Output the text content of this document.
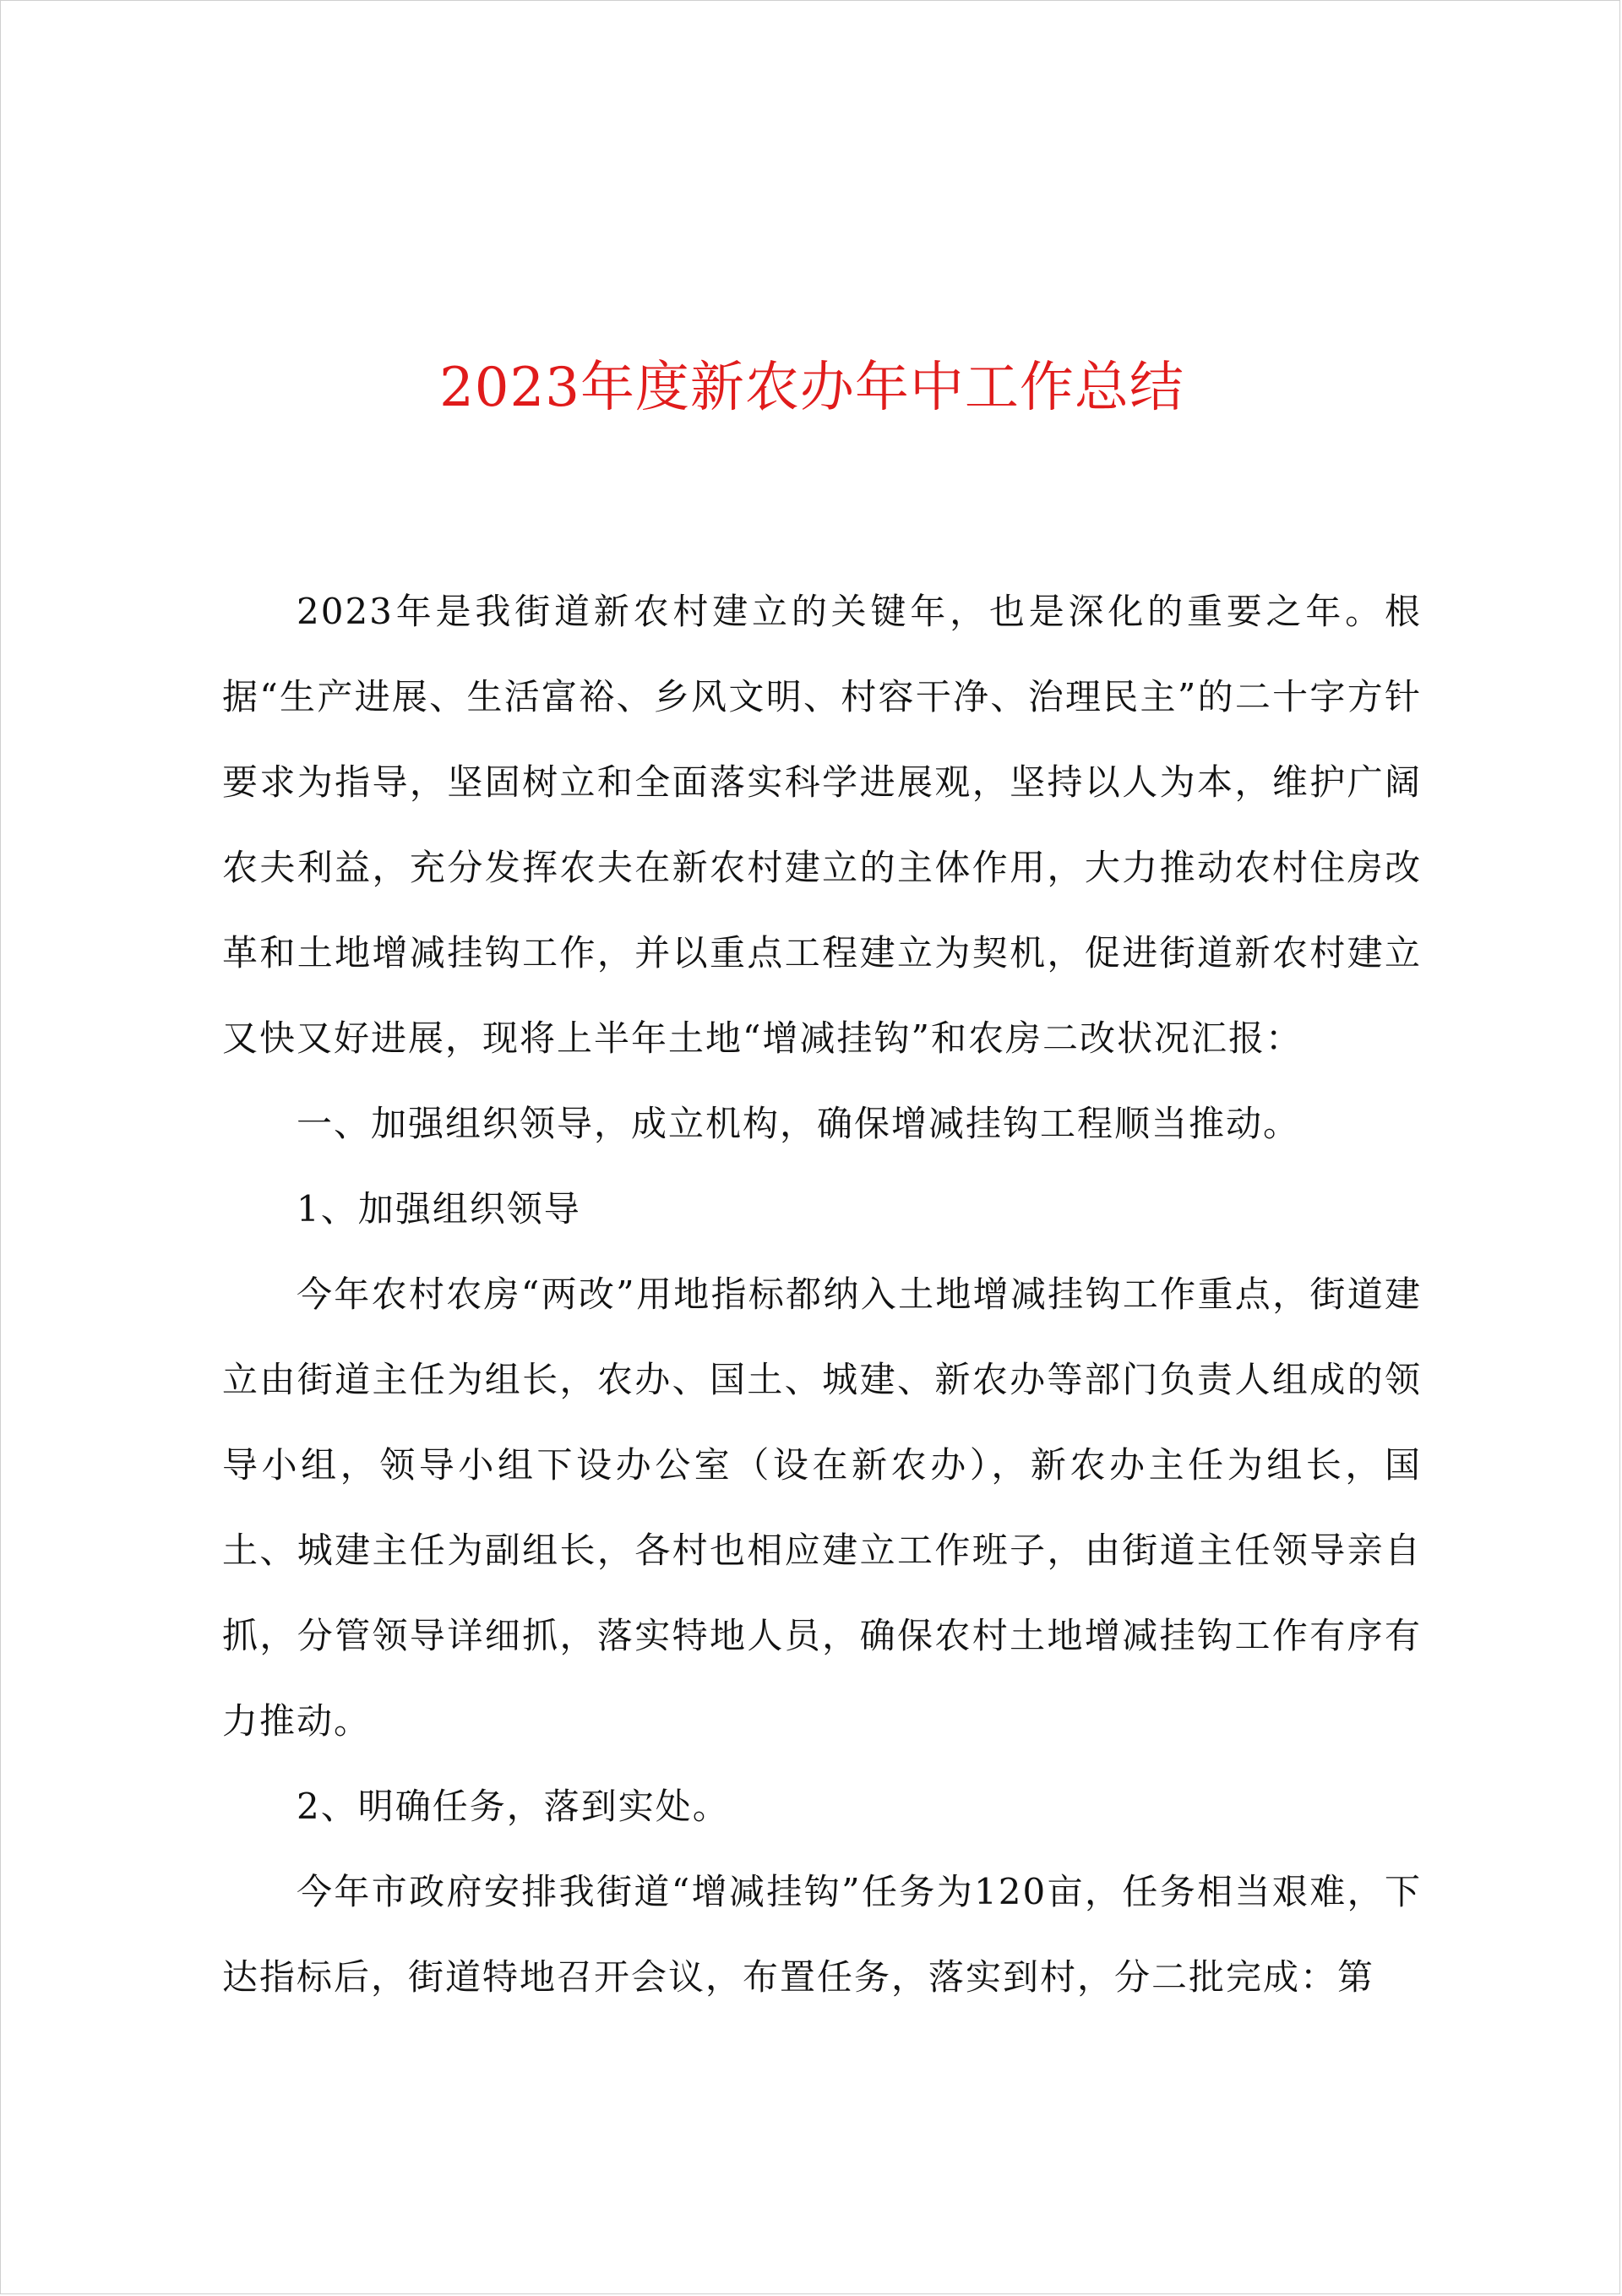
2023年度新农办年中工作总结

2023年是我街道新农村建立的关键年，也是深化的重要之年。根据“生产进展、生活富裕、乡风文明、村容干净、治理民主”的二十字方针要求为指导，坚固树立和全面落实科学进展观，坚持以人为本，维护广阔农夫利益，充分发挥农夫在新农村建立的主体作用，大力推动农村住房改革和土地增减挂钩工作，并以重点工程建立为契机，促进街道新农村建立又快又好进展，现将上半年土地“增减挂钩”和农房二改状况汇报：

一、加强组织领导，成立机构，确保增减挂钩工程顺当推动。

1、加强组织领导

今年农村农房“两改”用地指标都纳入土地增减挂钩工作重点，街道建立由街道主任为组长，农办、国土、城建、新农办等部门负责人组成的领导小组，领导小组下设办公室（设在新农办），新农办主任为组长，国土、城建主任为副组长，各村也相应建立工作班子，由街道主任领导亲自抓，分管领导详细抓，落实特地人员，确保农村土地增减挂钩工作有序有力推动。

2、明确任务，落到实处。

今年市政府安排我街道“增减挂钩”任务为120亩，任务相当艰难，下达指标后，街道特地召开会议，布置任务，落实到村，分二批完成：第
